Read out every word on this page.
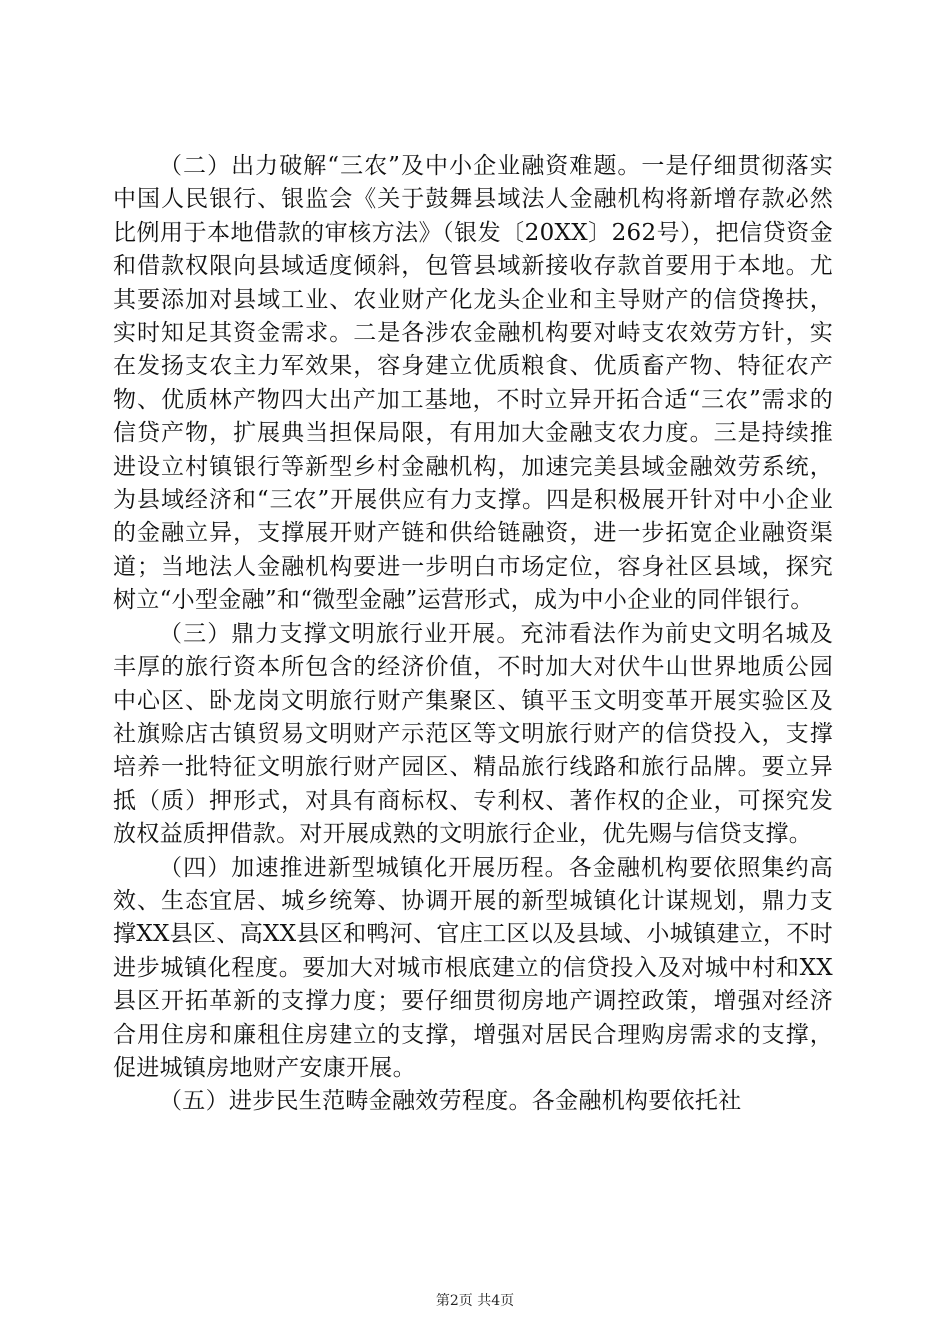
（二）出力破解“三农”及中小企业融资难题。一是仔细贯彻落实中国人民银行、银监会《关于鼓舞县域法人金融机构将新增存款必然比例用于本地借款的审核方法》（银发〔20XX〕262号），把信贷资金和借款权限向县域适度倾斜，包管县域新接收存款首要用于本地。尤其要添加对县域工业、农业财产化龙头企业和主导财产的信贷搀扶，实时知足其资金需求。二是各涉农金融机构要对峙支农效劳方针，实在发扬支农主力军效果，容身建立优质粮食、优质畜产物、特征农产物、优质林产物四大出产加工基地，不时立异开拓合适“三农”需求的信贷产物，扩展典当担保局限，有用加大金融支农力度。三是持续推进设立村镇银行等新型乡村金融机构，加速完美县域金融效劳系统，为县域经济和“三农”开展供应有力支撑。四是积极展开针对中小企业的金融立异，支撑展开财产链和供给链融资，进一步拓宽企业融资渠道；当地法人金融机构要进一步明白市场定位，容身社区县域，探究树立“小型金融”和“微型金融”运营形式，成为中小企业的同伴银行。

（三）鼎力支撑文明旅行业开展。充沛看法作为前史文明名城及丰厚的旅行资本所包含的经济价值，不时加大对伏牛山世界地质公园中心区、卧龙岗文明旅行财产集聚区、镇平玉文明变革开展实验区及社旗赊店古镇贸易文明财产示范区等文明旅行财产的信贷投入，支撑培养一批特征文明旅行财产园区、精品旅行线路和旅行品牌。要立异抵（质）押形式，对具有商标权、专利权、著作权的企业，可探究发放权益质押借款。对开展成熟的文明旅行企业，优先赐与信贷支撑。

（四）加速推进新型城镇化开展历程。各金融机构要依照集约高效、生态宜居、城乡统筹、协调开展的新型城镇化计谋规划，鼎力支撑XX县区、高XX县区和鸭河、官庄工区以及县域、小城镇建立，不时进步城镇化程度。要加大对城市根底建立的信贷投入及对城中村和XX县区开拓革新的支撑力度；要仔细贯彻房地产调控政策，增强对经济合用住房和廉租住房建立的支撑，增强对居民合理购房需求的支撑，促进城镇房地财产安康开展。

（五）进步民生范畴金融效劳程度。各金融机构要依托社

第2页 共4页
